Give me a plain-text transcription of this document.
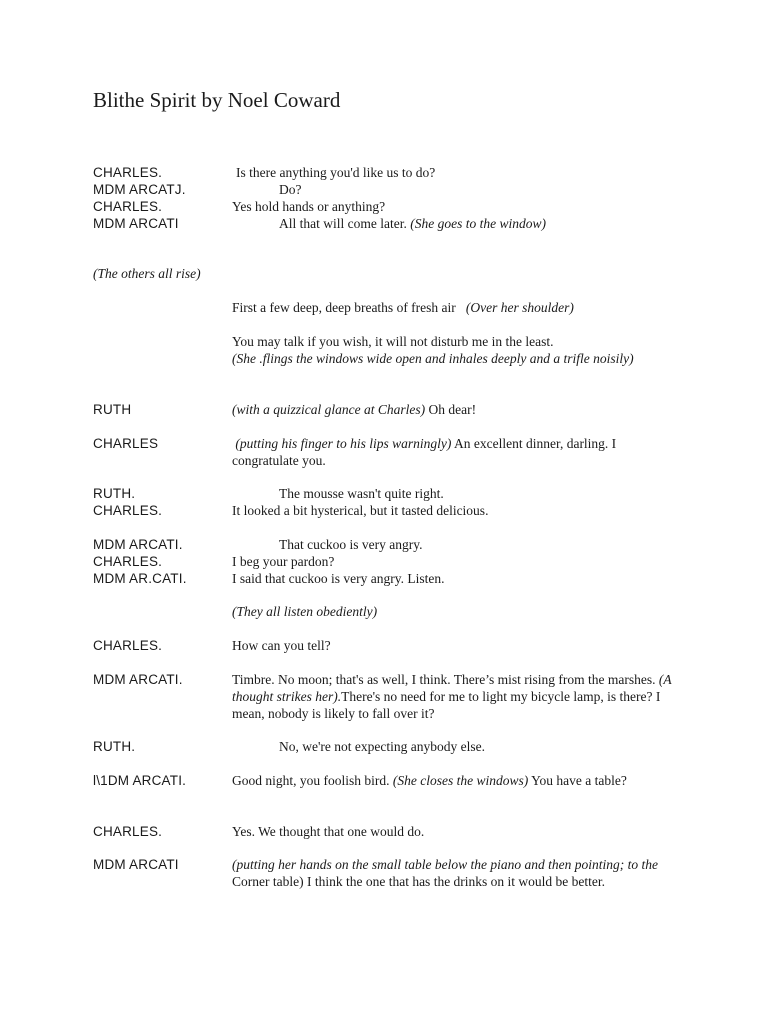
Blithe Spirit by Noel Coward
CHARLES.	Is there anything you'd like us to do?
MDM ARCATJ.	Do?
CHARLES.	Yes hold hands or anything?
MDM ARCATI	All that will come later. (She goes to the window)
(The others all rise)
First a few deep, deep breaths of fresh air (Over her shoulder)
You may talk if you wish, it will not disturb me in the least.
(She .flings the windows wide open and inhales deeply and a trifle noisily)
RUTH	(with a quizzical glance at Charles) Oh dear!
CHARLES	(putting his finger to his lips warningly) An excellent dinner, darling. I congratulate you.
RUTH.	The mousse wasn't quite right.
CHARLES.	It looked a bit hysterical, but it tasted delicious.
MDM ARCATI.	That cuckoo is very angry.
CHARLES.	I beg your pardon?
MDM AR.CATI.	I said that cuckoo is very angry. Listen.
(They all listen obediently)
CHARLES.	How can you tell?
MDM ARCATI.	Timbre. No moon; that's as well, I think. There’s mist rising from the marshes. (A thought strikes her).There's no need for me to light my bicycle lamp, is there? I mean, nobody is likely to fall over it?
RUTH.	No, we're not expecting anybody else.
l\1DM ARCATI.	Good night, you foolish bird. (She closes the windows) You have a table?
CHARLES.	Yes. We thought that one would do.
MDM ARCATI	(putting her hands on the small table below the piano and then pointing; to the Corner table) I think the one that has the drinks on it would be better.
